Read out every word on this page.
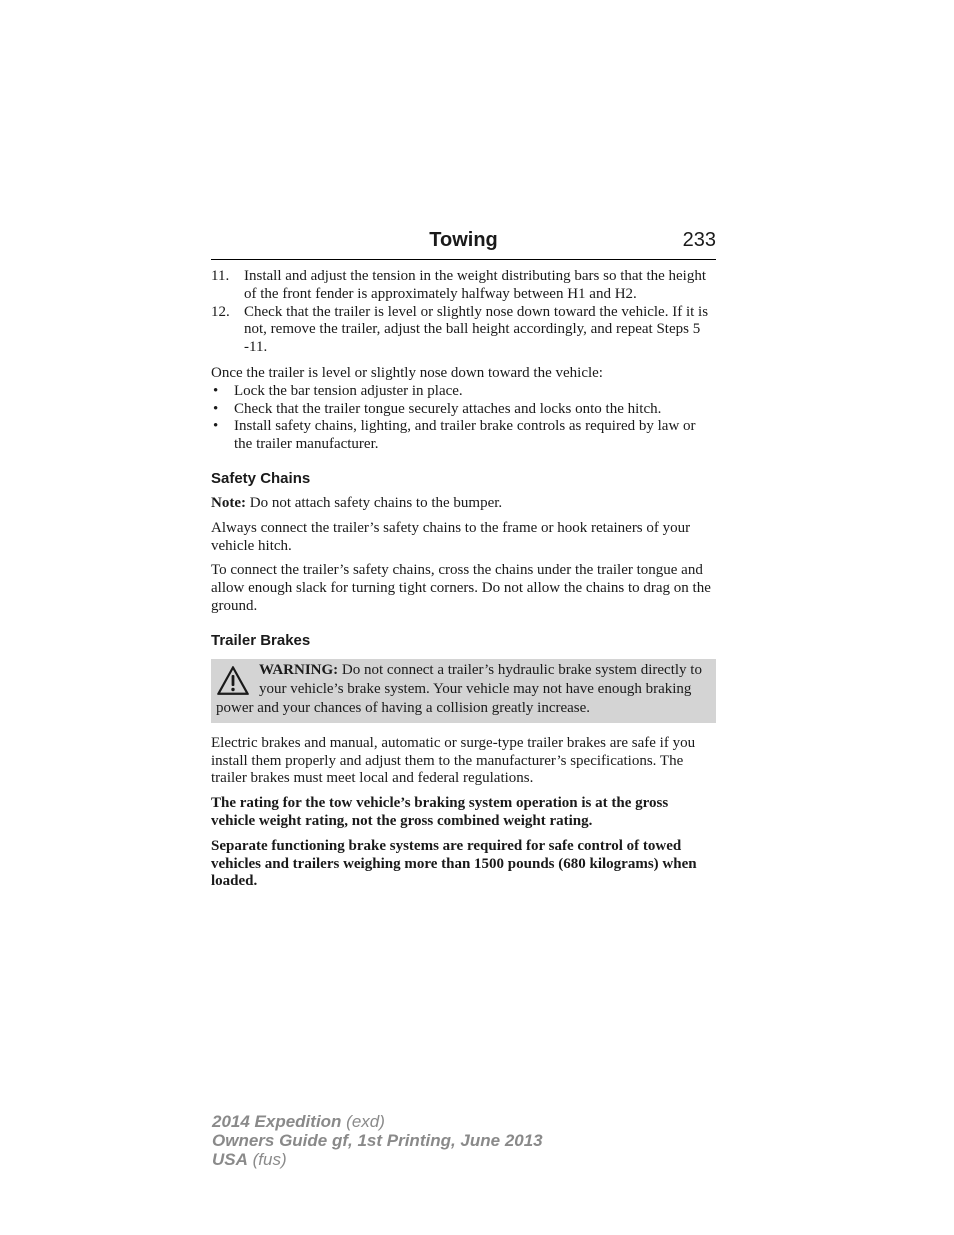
Towing	233
11. Install and adjust the tension in the weight distributing bars so that the height of the front fender is approximately halfway between H1 and H2.
12. Check that the trailer is level or slightly nose down toward the vehicle. If it is not, remove the trailer, adjust the ball height accordingly, and repeat Steps 5 -11.

Once the trailer is level or slightly nose down toward the vehicle:

• Lock the bar tension adjuster in place.
• Check that the trailer tongue securely attaches and locks onto the hitch.
• Install safety chains, lighting, and trailer brake controls as required by law or the trailer manufacturer.
Safety Chains

Note: Do not attach safety chains to the bumper.

Always connect the trailer’s safety chains to the frame or hook retainers of your vehicle hitch.

To connect the trailer’s safety chains, cross the chains under the trailer tongue and allow enough slack for turning tight corners. Do not allow the chains to drag on the ground.

Trailer Brakes
WARNING: Do not connect a trailer’s hydraulic brake system directly to your vehicle’s brake system. Your vehicle may not have enough braking power and your chances of having a collision greatly increase.

Electric brakes and manual, automatic or surge-type trailer brakes are safe if you install them properly and adjust them to the manufacturer’s specifications. The trailer brakes must meet local and federal regulations.

The rating for the tow vehicle’s braking system operation is at the gross vehicle weight rating, not the gross combined weight rating.

Separate functioning brake systems are required for safe control of towed vehicles and trailers weighing more than 1500 pounds (680 kilograms) when loaded.

2014 Expedition (exd)
Owners Guide gf, 1st Printing, June 2013
USA (fus)
